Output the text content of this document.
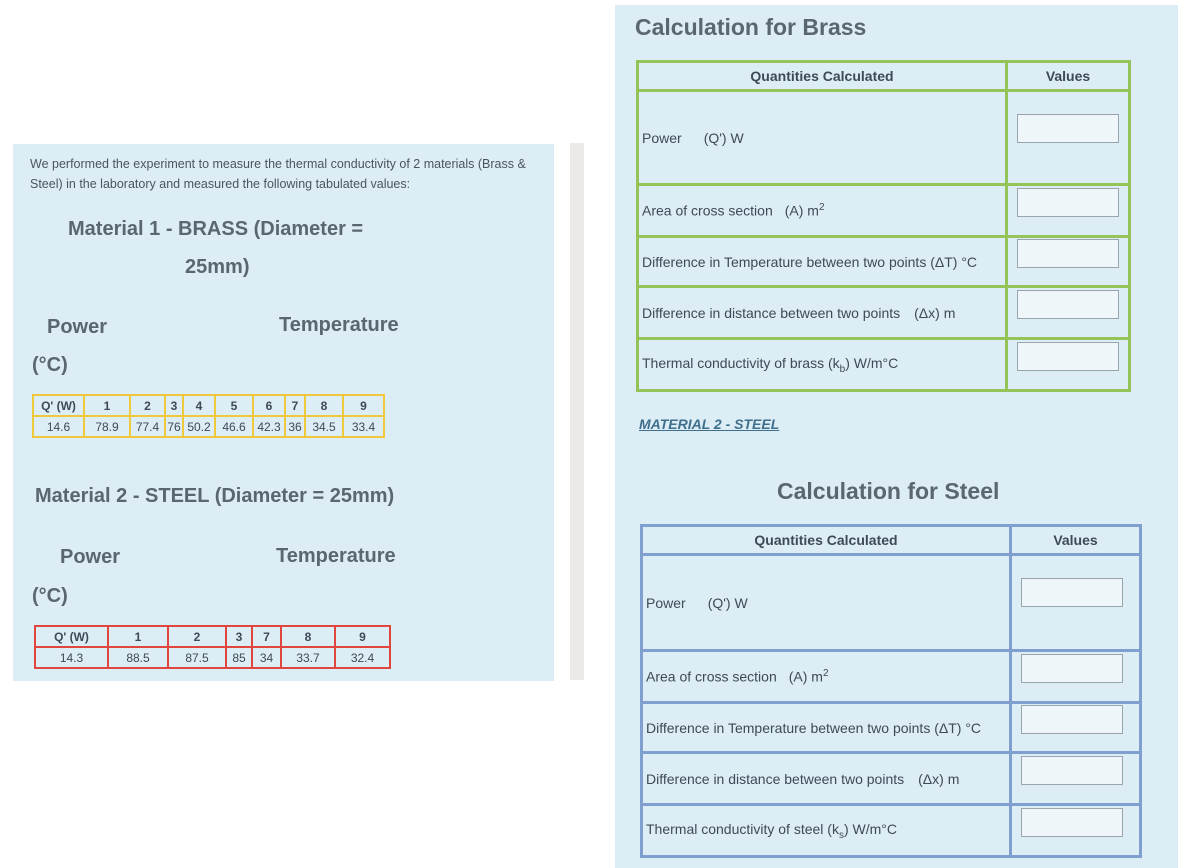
We performed the experiment to measure the thermal conductivity of 2 materials (Brass & Steel) in the laboratory and measured the following tabulated values:
Material 1 - BRASS (Diameter =
25mm)
Power	Temperature
(°C)
Q' (W)	1	2	3	4	5	6	7	8	9
14.6	78.9	77.4	76	50.2	46.6	42.3	36	34.5	33.4
Material 2 - STEEL (Diameter = 25mm)
Power	Temperature
(°C)
Q' (W)	1	2	3	7	8	9
14.3	88.5	87.5	85	34	33.7	32.4
Calculation for Brass
Quantities Calculated	Values
Power (Q') W	

Area of cross section (A) $m^2$	

Difference in Temperature between two points (ΔT) °C	

Difference in distance between two points (Δx) m	

Thermal conductivity of brass $(k_b)$ W/m°C	
MATERIAL 2 - STEEL
Calculation for Steel
Quantities Calculated	Values
Power (Q') W	

Area of cross section (A) $m^2$	

Difference in Temperature between two points (ΔT) °C	

Difference in distance between two points (Δx) m	

Thermal conductivity of steel $(k_s)$ W/m°C	
